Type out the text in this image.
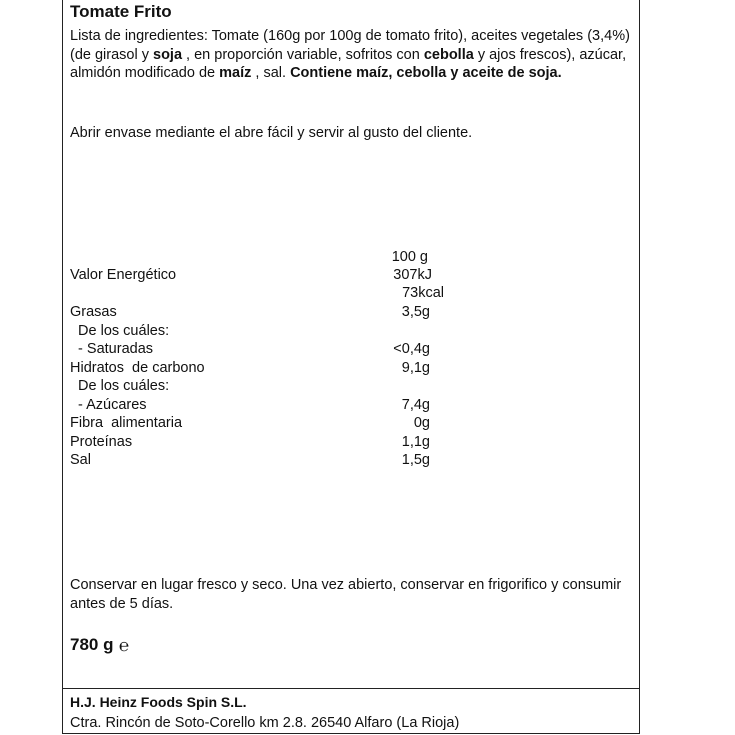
Tomate Frito
Lista de ingredientes: Tomate (160g por 100g de tomato frito), aceites vegetales (3,4%) (de girasol y soja , en proporción variable, sofritos con cebolla y ajos frescos), azúcar, almidón modificado de maíz , sal. Contiene maíz, cebolla y aceite de soja.
Abrir envase mediante el abre fácil y servir al gusto del cliente.
100 g
Valor Energético	307kJ
73kcal
Grasas	3,5g
De los cuáles:
- Saturadas	<0,4g
Hidratos  de carbono	9,1g
De los cuáles:
- Azúcares	7,4g
Fibra  alimentaria	0g
Proteínas	1,1g
Sal	1,5g
Conservar en lugar fresco y seco. Una vez abierto, conservar en frigorifico y consumir antes de 5 días.
780 g ℮
H.J. Heinz Foods Spin S.L.
Ctra. Rincón de Soto-Corello km 2.8. 26540 Alfaro (La Rioja)
